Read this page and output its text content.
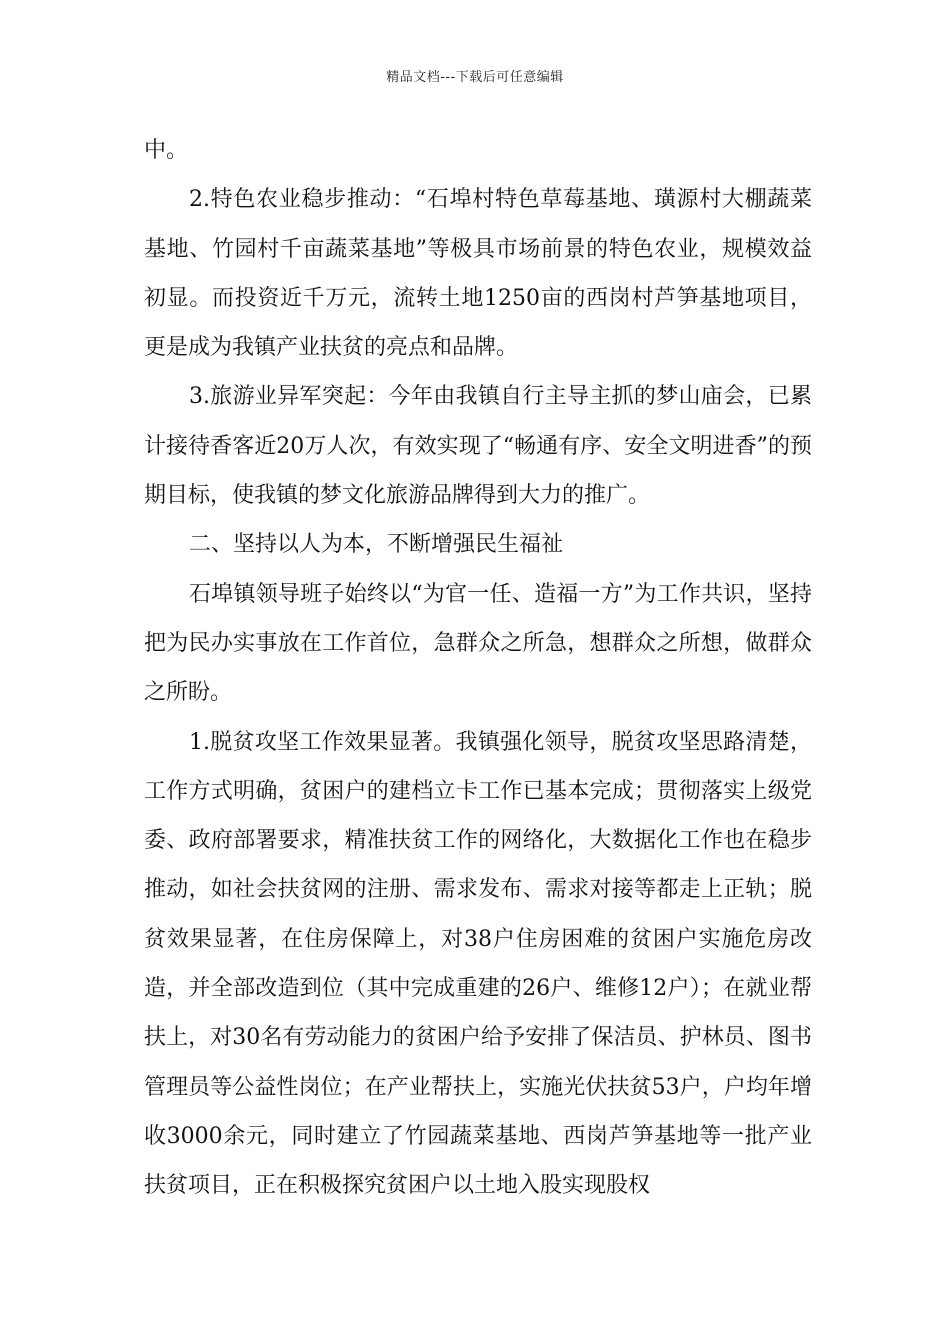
精品文档---下载后可任意编辑

中。

2.特色农业稳步推动：“石埠村特色草莓基地、璜源村大棚蔬菜基地、竹园村千亩蔬菜基地”等极具市场前景的特色农业，规模效益初显。而投资近千万元，流转土地1250亩的西岗村芦笋基地项目，更是成为我镇产业扶贫的亮点和品牌。

3.旅游业异军突起：今年由我镇自行主导主抓的梦山庙会，已累计接待香客近20万人次，有效实现了“畅通有序、安全文明进香”的预期目标，使我镇的梦文化旅游品牌得到大力的推广。

二、坚持以人为本，不断增强民生福祉

石埠镇领导班子始终以“为官一任、造福一方”为工作共识，坚持把为民办实事放在工作首位，急群众之所急，想群众之所想，做群众之所盼。

1.脱贫攻坚工作效果显著。我镇强化领导，脱贫攻坚思路清楚，工作方式明确，贫困户的建档立卡工作已基本完成；贯彻落实上级党委、政府部署要求，精准扶贫工作的网络化，大数据化工作也在稳步推动，如社会扶贫网的注册、需求发布、需求对接等都走上正轨；脱贫效果显著，在住房保障上，对38户住房困难的贫困户实施危房改造，并全部改造到位（其中完成重建的26户、维修12户）；在就业帮扶上，对30名有劳动能力的贫困户给予安排了保洁员、护林员、图书管理员等公益性岗位；在产业帮扶上，实施光伏扶贫53户，户均年增收3000余元，同时建立了竹园蔬菜基地、西岗芦笋基地等一批产业扶贫项目，正在积极探究贫困户以土地入股实现股权
